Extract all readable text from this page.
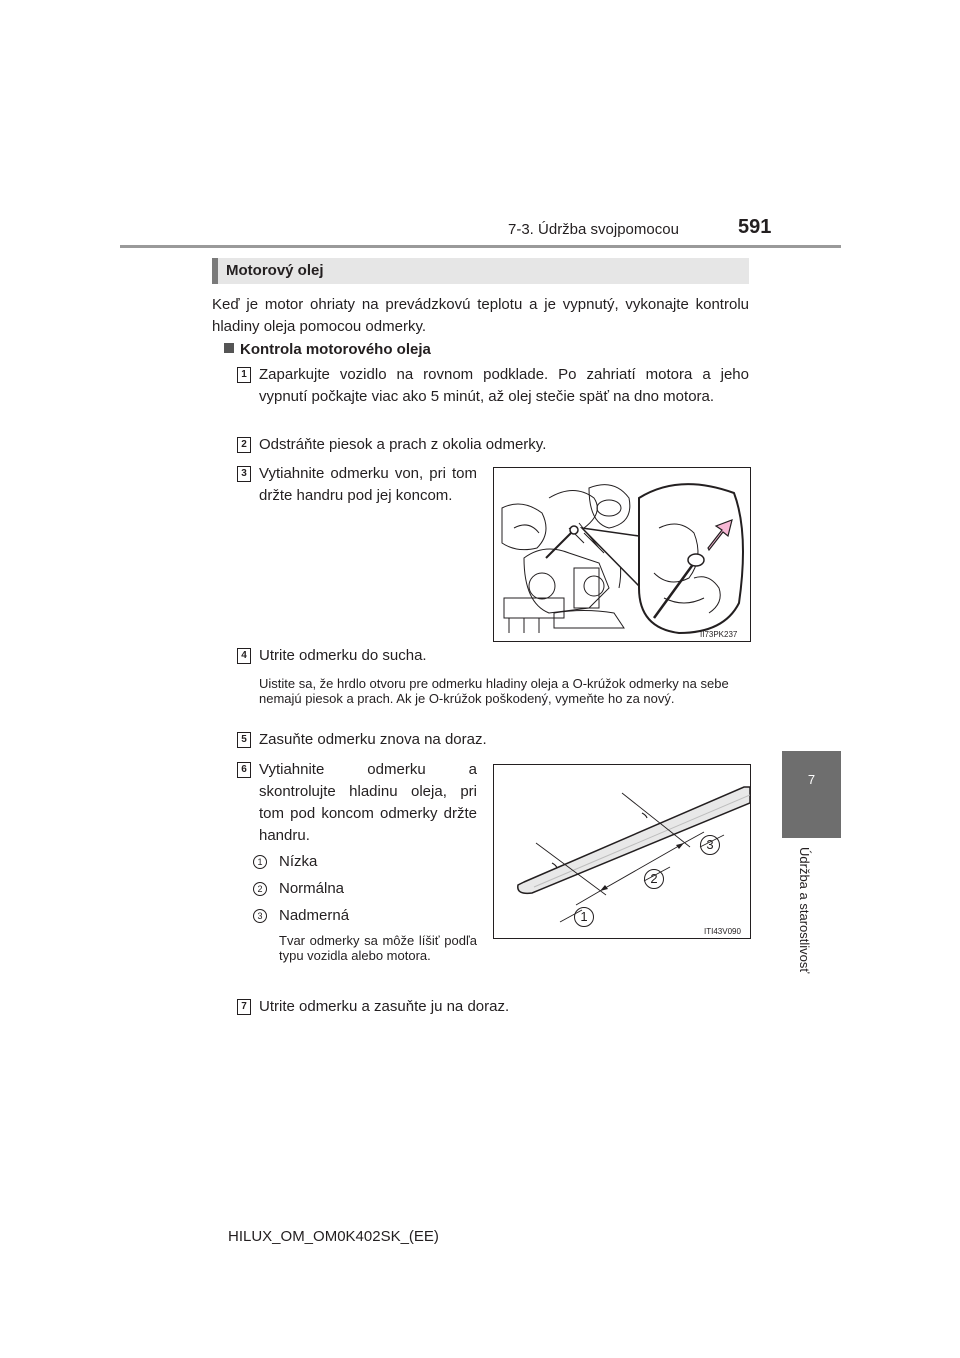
7-3. Údržba svojpomocou	591
7
Údržba a starostlivosť
Motorový olej
Keď je motor ohriaty na prevádzkovú teplotu a je vypnutý, vykonajte kontrolu hladiny oleja pomocou odmerky.
Kontrola motorového oleja
1 Zaparkujte vozidlo na rovnom podklade. Po zahriatí motora a jeho vypnutí počkajte viac ako 5 minút, až olej stečie späť na dno motora.
2 Odstráňte piesok a prach z okolia odmerky.
3 Vytiahnite odmerku von, pri tom držte handru pod jej koncom.
II73PK237
4 Utrite odmerku do sucha.
Uistite sa, že hrdlo otvoru pre odmerku hladiny oleja a O-krúžok odmerky na sebe nemajú piesok a prach. Ak je O-krúžok poškodený, vymeňte ho za nový.
5 Zasuňte odmerku znova na doraz.
6 Vytiahnite odmerku a skontrolujte hladinu oleja, pri tom pod koncom odmerky držte handru.
1	Nízka
2	Normálna
3	Nadmerná
Tvar odmerky sa môže líšiť podľa typu vozidla alebo motora.
1
2
3
ITI43V090
7 Utrite odmerku a zasuňte ju na doraz.
HILUX_OM_OM0K402SK_(EE)
